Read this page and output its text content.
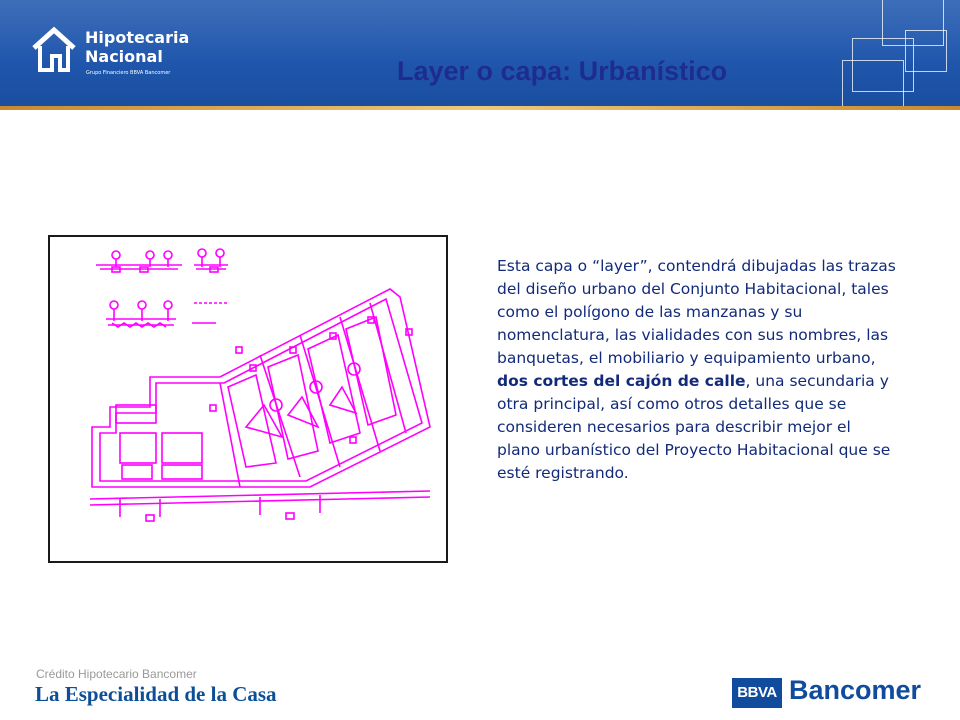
Hipotecaria
Nacional
Grupo Financiero BBVA Bancomer	Layer o capa: Urbanístico
Esta capa o “layer”, contendrá dibujadas las trazas del diseño urbano del Conjunto Habitacional, tales como el polígono de las manzanas y su nomenclatura, las vialidades con sus nombres, las banquetas, el mobiliario y equipamiento urbano, dos cortes del cajón de calle, una secundaria y otra principal, así como otros detalles que se consideren necesarios para describir mejor el plano urbanístico del Proyecto Habitacional que se esté registrando.
Crédito Hipotecario Bancomer
La Especialidad de la Casa	BBVA Bancomer
